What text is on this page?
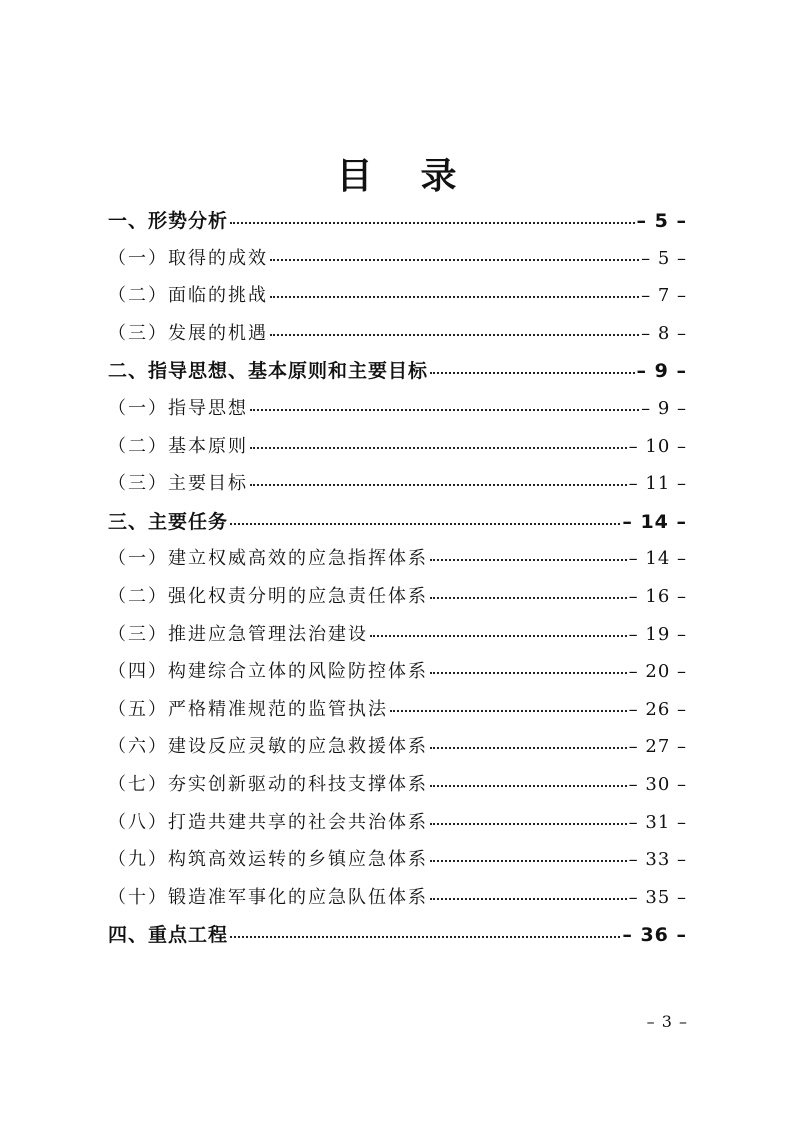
目 录
一、形势分析	– 5 –
（一）取得的成效	– 5 –
（二）面临的挑战	– 7 –
（三）发展的机遇	– 8 –
二、指导思想、基本原则和主要目标	– 9 –
（一）指导思想	– 9 –
（二）基本原则	– 10 –
（三）主要目标	– 11 –
三、主要任务	– 14 –
（一）建立权威高效的应急指挥体系	– 14 –
（二）强化权责分明的应急责任体系	– 16 –
（三）推进应急管理法治建设	– 19 –
（四）构建综合立体的风险防控体系	– 20 –
（五）严格精准规范的监管执法	– 26 –
（六）建设反应灵敏的应急救援体系	– 27 –
（七）夯实创新驱动的科技支撑体系	– 30 –
（八）打造共建共享的社会共治体系	– 31 –
（九）构筑高效运转的乡镇应急体系	– 33 –
（十）锻造准军事化的应急队伍体系	– 35 –
四、重点工程	– 36 –
– 3 –
